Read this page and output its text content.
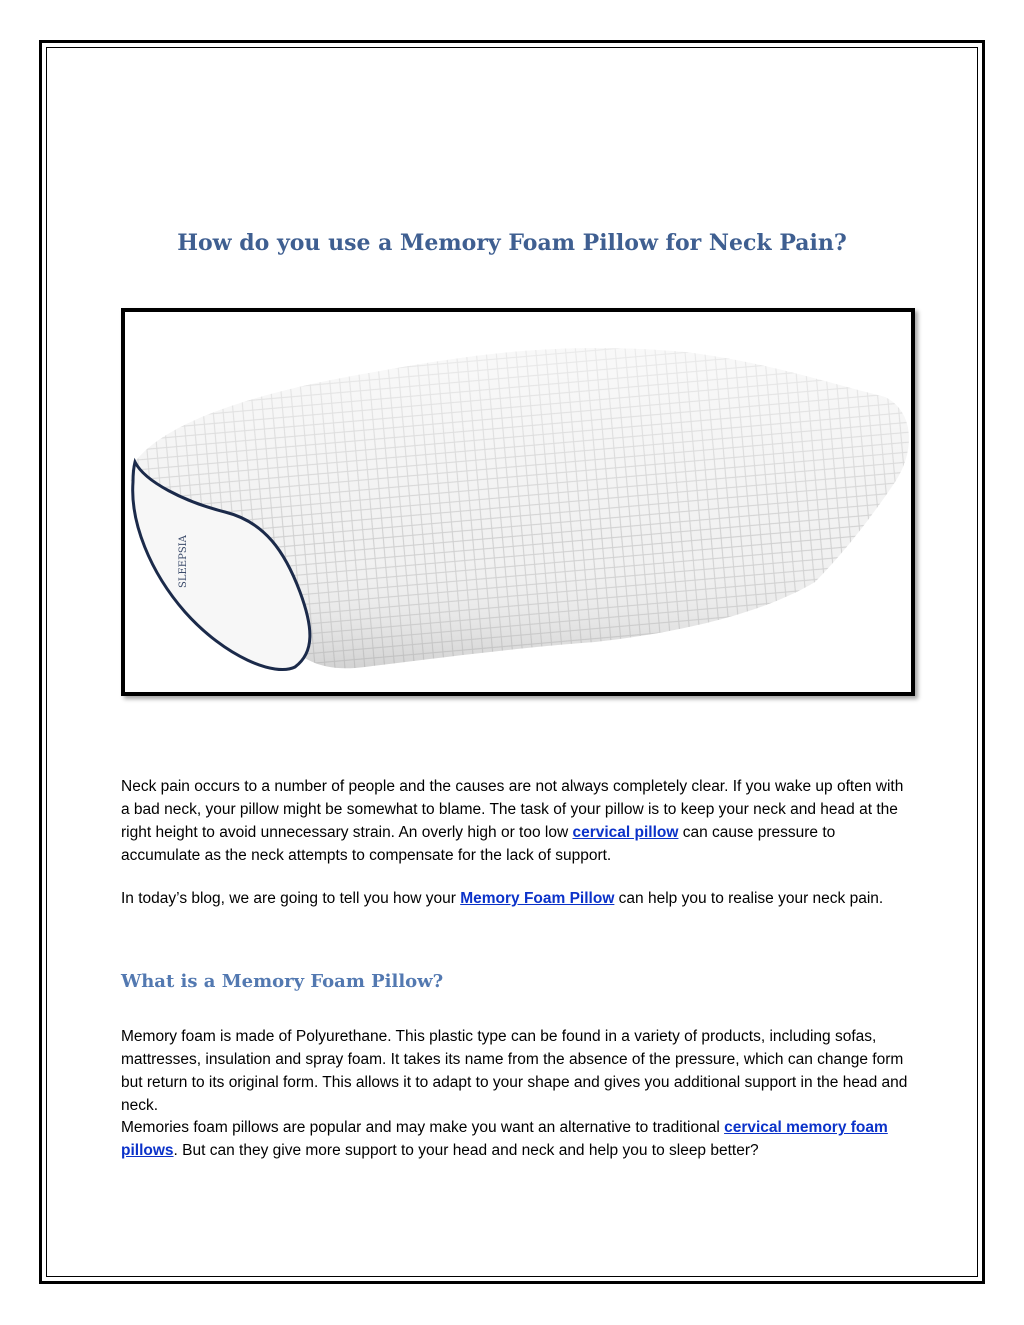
How do you use a Memory Foam Pillow for Neck Pain?
SLEEPSIA

Neck pain occurs to a number of people and the causes are not always completely clear. If you wake up often with a bad neck, your pillow might be somewhat to blame. The task of your pillow is to keep your neck and head at the right height to avoid unnecessary strain. An overly high or too low cervical pillow can cause pressure to accumulate as the neck attempts to compensate for the lack of support.

In today’s blog, we are going to tell you how your Memory Foam Pillow can help you to realise your neck pain.

What is a Memory Foam Pillow?

Memory foam is made of Polyurethane. This plastic type can be found in a variety of products, including sofas, mattresses, insulation and spray foam. It takes its name from the absence of the pressure, which can change form but return to its original form. This allows it to adapt to your shape and gives you additional support in the head and neck.

Memories foam pillows are popular and may make you want an alternative to traditional cervical memory foam pillows. But can they give more support to your head and neck and help you to sleep better?
